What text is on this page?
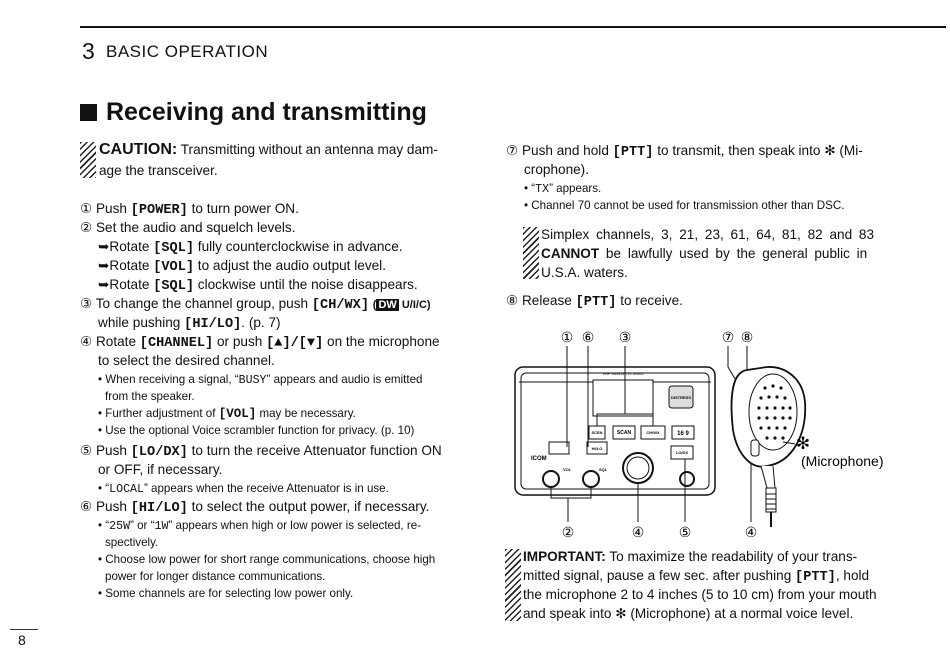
3 BASIC OPERATION
Receiving and transmitting
CAUTION: Transmitting without an antenna may dam-
age the transceiver.
① Push [POWER] to turn power ON.
② Set the audio and squelch levels.
➥Rotate [SQL] fully counterclockwise in advance.
➥Rotate [VOL] to adjust the audio output level.
➥Rotate [SQL] clockwise until the noise disappears.
③ To change the channel group, push [CH/WX] ( DW U/I/C)
while pushing [HI/LO]. (p. 7)
④ Rotate [CHANNEL] or push [▲]/[▼] on the microphone
to select the desired channel.
• When receiving a signal, “BUSY” appears and audio is emitted
from the speaker.
• Further adjustment of [VOL] may be necessary.
• Use the optional Voice scrambler function for privacy. (p. 10)
⑤ Push [LO/DX] to turn the receive Attenuator function ON
or OFF, if necessary.
• “LOCAL” appears when the receive Attenuator is in use.
⑥ Push [HI/LO] to select the output power, if necessary.
• “25W” or “1W” appears when high or low power is selected, re-
spectively.
• Choose low power for short range communications, choose high
power for longer distance communications.
• Some channels are for selecting low power only.
⑦ Push and hold [PTT] to transmit, then speak into ✻ (Mi-
crophone).
• “TX” appears.
• Channel 70 cannot be used for transmission other than DSC.
Simplex channels, 3, 21, 23, 61, 64, 81, 82 and 83
CANNOT be lawfully used by the general public in
U.S.A. waters.
⑧ Release [PTT] to receive.
① ⑥ ③	⑦ ⑧
②	④ ⑤	④
VHF MARINE IC-M502
DISTRESS
SCEN	SCAN	CH/WX	16 9
HI/LO
LO/DX
ICOM
VOL	SQL
✻
(Microphone)
IMPORTANT: To maximize the readability of your trans-
mitted signal, pause a few sec. after pushing [PTT], hold
the microphone 2 to 4 inches (5 to 10 cm) from your mouth
and speak into ✻ (Microphone) at a normal voice level.
8
